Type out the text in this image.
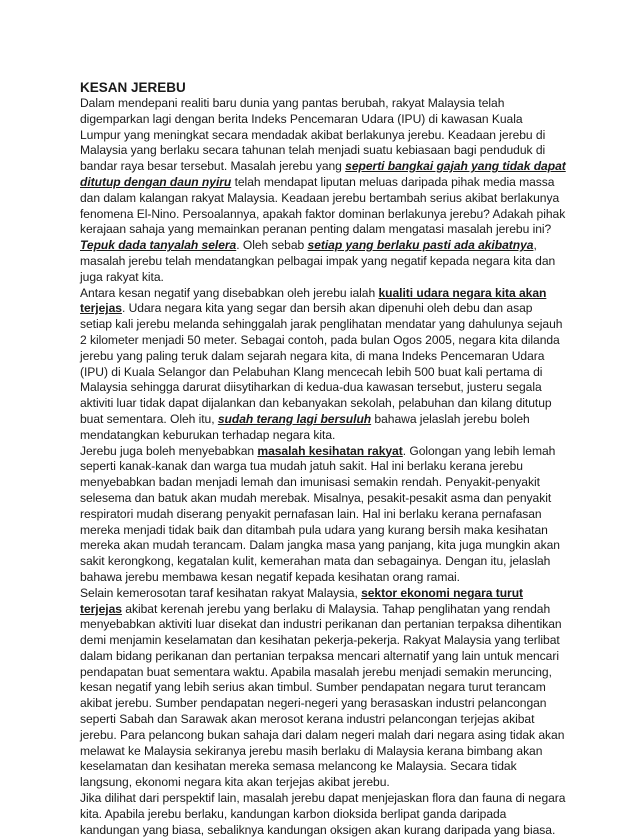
KESAN JEREBU

Dalam mendepani realiti baru dunia yang pantas berubah, rakyat Malaysia telah digemparkan lagi dengan berita Indeks Pencemaran Udara (IPU) di kawasan Kuala Lumpur yang meningkat secara mendadak akibat berlakunya jerebu. Keadaan jerebu di Malaysia yang berlaku secara tahunan telah menjadi suatu kebiasaan bagi penduduk di bandar raya besar tersebut. Masalah jerebu yang seperti bangkai gajah yang tidak dapat ditutup dengan daun nyiru telah mendapat liputan meluas daripada pihak media massa dan dalam kalangan rakyat Malaysia. Keadaan jerebu bertambah serius akibat berlakunya fenomena El-Nino. Persoalannya, apakah faktor dominan berlakunya jerebu? Adakah pihak kerajaan sahaja yang memainkan peranan penting dalam mengatasi masalah jerebu ini? Tepuk dada tanyalah selera. Oleh sebab setiap yang berlaku pasti ada akibatnya, masalah jerebu telah mendatangkan pelbagai impak yang negatif kepada negara kita dan juga rakyat kita.

Antara kesan negatif yang disebabkan oleh jerebu ialah kualiti udara negara kita akan terjejas. Udara negara kita yang segar dan bersih akan dipenuhi oleh debu dan asap setiap kali jerebu melanda sehinggalah jarak penglihatan mendatar yang dahulunya sejauh 2 kilometer menjadi 50 meter. Sebagai contoh, pada bulan Ogos 2005, negara kita dilanda jerebu yang paling teruk dalam sejarah negara kita, di mana Indeks Pencemaran Udara (IPU) di Kuala Selangor dan Pelabuhan Klang mencecah lebih 500 buat kali pertama di Malaysia sehingga darurat diisytiharkan di kedua-dua kawasan tersebut, justeru segala aktiviti luar tidak dapat dijalankan dan kebanyakan sekolah, pelabuhan dan kilang ditutup buat sementara. Oleh itu, sudah terang lagi bersuluh bahawa jelaslah jerebu boleh mendatangkan keburukan terhadap negara kita.

Jerebu juga boleh menyebabkan masalah kesihatan rakyat. Golongan yang lebih lemah seperti kanak-kanak dan warga tua mudah jatuh sakit. Hal ini berlaku kerana jerebu menyebabkan badan menjadi lemah dan imunisasi semakin rendah. Penyakit-penyakit selesema dan batuk akan mudah merebak. Misalnya, pesakit-pesakit asma dan penyakit respiratori mudah diserang penyakit pernafasan lain. Hal ini berlaku kerana pernafasan mereka menjadi tidak baik dan ditambah pula udara yang kurang bersih maka kesihatan mereka akan mudah terancam. Dalam jangka masa yang panjang, kita juga mungkin akan sakit kerongkong, kegatalan kulit, kemerahan mata dan sebagainya. Dengan itu, jelaslah bahawa jerebu membawa kesan negatif kepada kesihatan orang ramai.

Selain kemerosotan taraf kesihatan rakyat Malaysia, sektor ekonomi negara turut terjejas akibat kerenah jerebu yang berlaku di Malaysia. Tahap penglihatan yang rendah menyebabkan aktiviti luar disekat dan industri perikanan dan pertanian terpaksa dihentikan demi menjamin keselamatan dan kesihatan pekerja-pekerja. Rakyat Malaysia yang terlibat dalam bidang perikanan dan pertanian terpaksa mencari alternatif yang lain untuk mencari pendapatan buat sementara waktu. Apabila masalah jerebu menjadi semakin meruncing, kesan negatif yang lebih serius akan timbul. Sumber pendapatan negara turut terancam akibat jerebu. Sumber pendapatan negeri-negeri yang berasaskan industri pelancongan seperti Sabah dan Sarawak akan merosot kerana industri pelancongan terjejas akibat jerebu. Para pelancong bukan sahaja dari dalam negeri malah dari negara asing tidak akan melawat ke Malaysia sekiranya jerebu masih berlaku di Malaysia kerana bimbang akan keselamatan dan kesihatan mereka semasa melancong ke Malaysia. Secara tidak langsung, ekonomi negara kita akan terjejas akibat jerebu.

Jika dilihat dari perspektif lain, masalah jerebu dapat menjejaskan flora dan fauna di negara kita. Apabila jerebu berlaku, kandungan karbon dioksida berlipat ganda daripada kandungan yang biasa, sebaliknya kandungan oksigen akan kurang daripada yang biasa.
